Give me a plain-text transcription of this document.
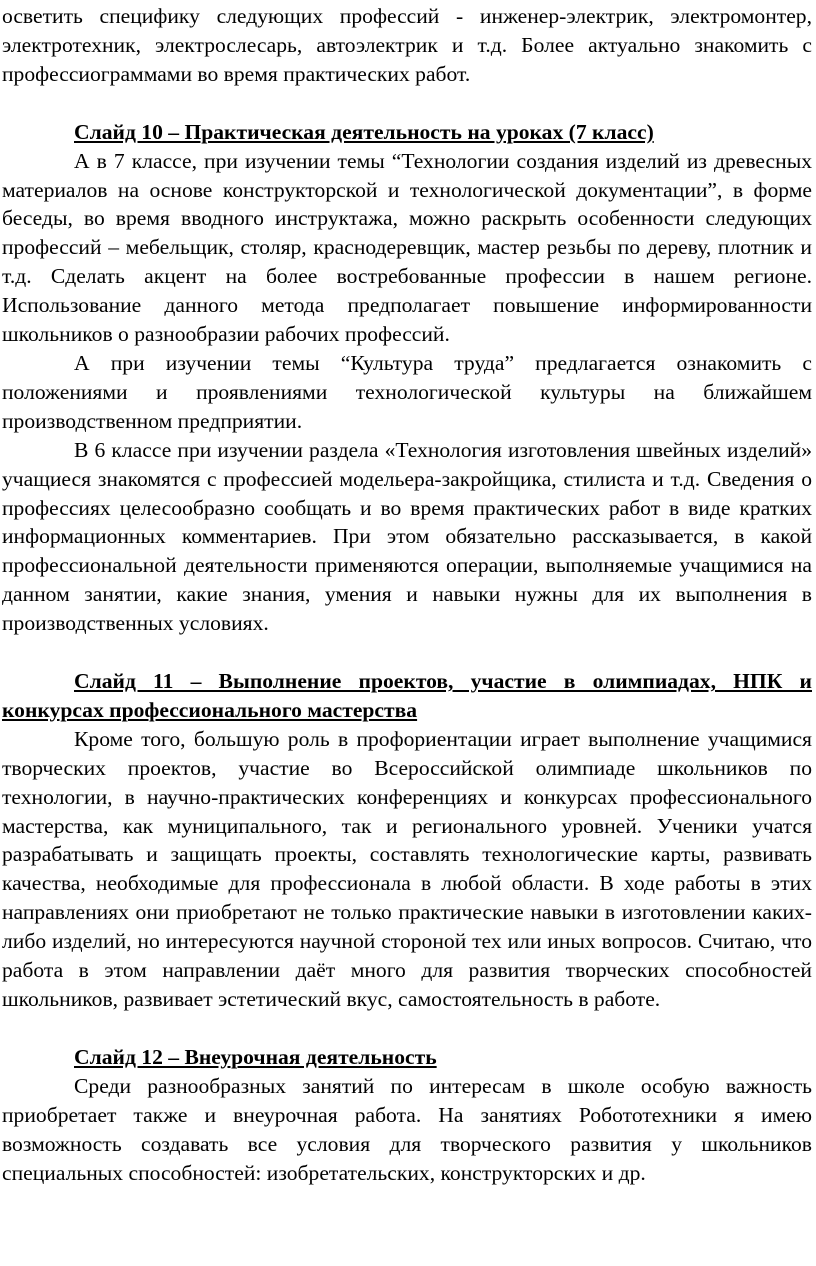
осветить специфику следующих профессий - инженер-электрик, электромонтер, электротехник, электрослесарь, автоэлектрик и т.д. Более актуально знакомить с профессиограммами во время практических работ.

Слайд 10 – Практическая деятельность на уроках (7 класс)

А в 7 классе, при изучении темы “Технологии создания изделий из древесных материалов на основе конструкторской и технологической документации”, в форме беседы, во время вводного инструктажа, можно раскрыть особенности следующих профессий – мебельщик, столяр, краснодеревщик, мастер резьбы по дереву, плотник и т.д. Сделать акцент на более востребованные профессии в нашем регионе. Использование данного метода предполагает повышение информированности школьников о разнообразии рабочих профессий.

А при изучении темы “Культура труда” предлагается ознакомить с положениями и проявлениями технологической культуры на ближайшем производственном предприятии.

В 6 классе при изучении раздела «Технология изготовления швейных изделий» учащиеся знакомятся с профессией модельера-закройщика, стилиста и т.д. Сведения о профессиях целесообразно сообщать и во время практических работ в виде кратких информационных комментариев. При этом обязательно рассказывается, в какой профессиональной деятельности применяются операции, выполняемые учащимися на данном занятии, какие знания, умения и навыки нужны для их выполнения в производственных условиях.

Слайд 11 – Выполнение проектов, участие в олимпиадах, НПК и конкурсах профессионального мастерства

Кроме того, большую роль в профориентации играет выполнение учащимися творческих проектов, участие во Всероссийской олимпиаде школьников по технологии, в научно-практических конференциях и конкурсах профессионального мастерства, как муниципального, так и регионального уровней. Ученики учатся разрабатывать и защищать проекты, составлять технологические карты, развивать качества, необходимые для профессионала в любой области. В ходе работы в этих направлениях они приобретают не только практические навыки в изготовлении каких-либо изделий, но интересуются научной стороной тех или иных вопросов. Считаю, что работа в этом направлении даёт много для развития творческих способностей школьников, развивает эстетический вкус, самостоятельность в работе.

Слайд 12 – Внеурочная деятельность

Среди разнообразных занятий по интересам в школе особую важность приобретает также и внеурочная работа. На занятиях Робототехники я имею возможность создавать все условия для творческого развития у школьников специальных способностей: изобретательских, конструкторских и др.
